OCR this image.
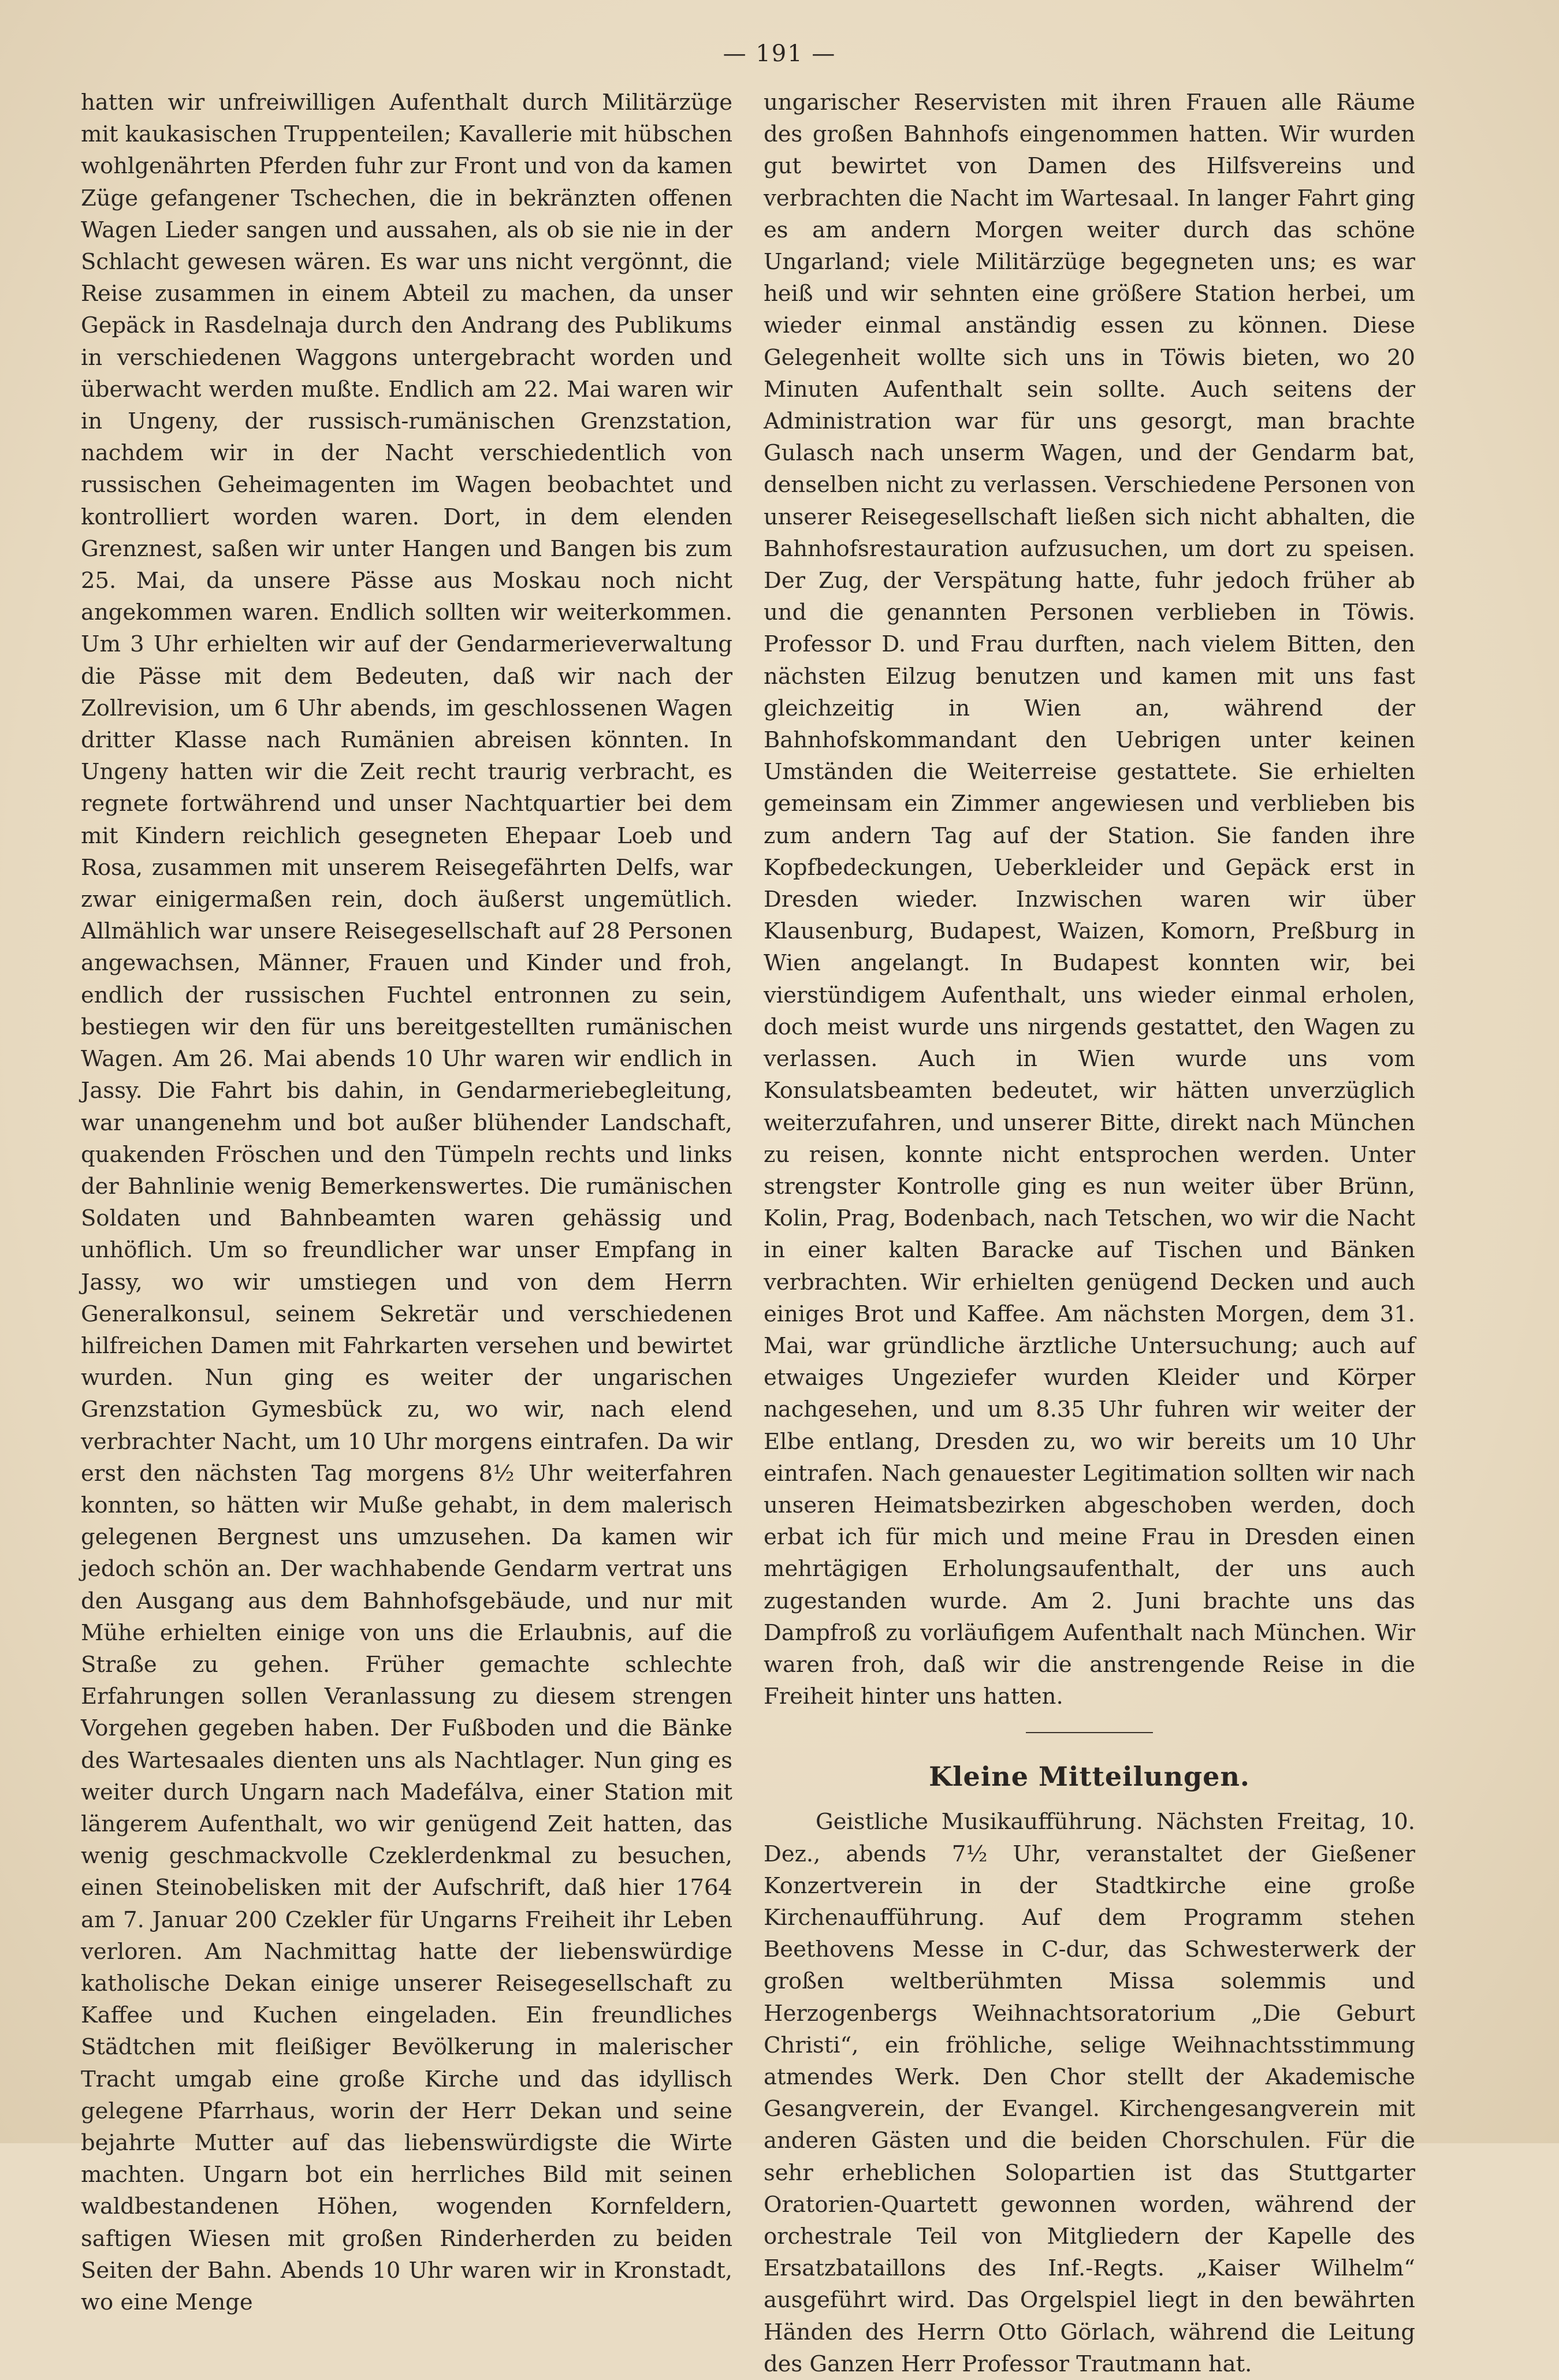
— 191 —

hatten wir unfreiwilligen Aufenthalt durch Militärzüge mit kaukasischen Truppenteilen; Kavallerie mit hübschen wohlgenährten Pferden fuhr zur Front und von da kamen Züge gefangener Tschechen, die in bekränzten offenen Wagen Lieder sangen und aussahen, als ob sie nie in der Schlacht gewesen wären. Es war uns nicht vergönnt, die Reise zusammen in einem Abteil zu machen, da unser Gepäck in Rasdelnaja durch den Andrang des Publikums in verschiedenen Waggons untergebracht worden und überwacht werden mußte. Endlich am 22. Mai waren wir in Ungeny, der russisch-rumänischen Grenzstation, nachdem wir in der Nacht verschiedentlich von russischen Geheimagenten im Wagen beobachtet und kontrolliert worden waren. Dort, in dem elenden Grenznest, saßen wir unter Hangen und Bangen bis zum 25. Mai, da unsere Pässe aus Moskau noch nicht angekommen waren. Endlich sollten wir weiterkommen. Um 3 Uhr erhielten wir auf der Gendarmerieverwaltung die Pässe mit dem Bedeuten, daß wir nach der Zollrevision, um 6 Uhr abends, im geschlossenen Wagen dritter Klasse nach Rumänien abreisen könnten. In Ungeny hatten wir die Zeit recht traurig verbracht, es regnete fortwährend und unser Nachtquartier bei dem mit Kindern reichlich gesegneten Ehepaar Loeb und Rosa, zusammen mit unserem Reisegefährten Delfs, war zwar einigermaßen rein, doch äußerst ungemütlich. Allmählich war unsere Reisegesellschaft auf 28 Personen angewachsen, Männer, Frauen und Kinder und froh, endlich der russischen Fuchtel entronnen zu sein, bestiegen wir den für uns bereitgestellten rumänischen Wagen. Am 26. Mai abends 10 Uhr waren wir endlich in Jassy. Die Fahrt bis dahin, in Gendarmeriebegleitung, war unangenehm und bot außer blühender Landschaft, quakenden Fröschen und den Tümpeln rechts und links der Bahnlinie wenig Bemerkenswertes. Die rumänischen Soldaten und Bahnbeamten waren gehässig und unhöflich. Um so freundlicher war unser Empfang in Jassy, wo wir umstiegen und von dem Herrn Generalkonsul, seinem Sekretär und verschiedenen hilfreichen Damen mit Fahrkarten versehen und bewirtet wurden. Nun ging es weiter der ungarischen Grenzstation Gymesbück zu, wo wir, nach elend verbrachter Nacht, um 10 Uhr morgens eintrafen. Da wir erst den nächsten Tag morgens 8½ Uhr weiterfahren konnten, so hätten wir Muße gehabt, in dem malerisch gelegenen Bergnest uns umzusehen. Da kamen wir jedoch schön an. Der wachhabende Gendarm vertrat uns den Ausgang aus dem Bahnhofsgebäude, und nur mit Mühe erhielten einige von uns die Erlaubnis, auf die Straße zu gehen. Früher gemachte schlechte Erfahrungen sollen Veranlassung zu diesem strengen Vorgehen gegeben haben. Der Fußboden und die Bänke des Wartesaales dienten uns als Nachtlager. Nun ging es weiter durch Ungarn nach Madefálva, einer Station mit längerem Aufenthalt, wo wir genügend Zeit hatten, das wenig geschmackvolle Czeklerdenkmal zu besuchen, einen Steinobelisken mit der Aufschrift, daß hier 1764 am 7. Januar 200 Czekler für Ungarns Freiheit ihr Leben verloren. Am Nachmittag hatte der liebenswürdige katholische Dekan einige unserer Reisegesellschaft zu Kaffee und Kuchen eingeladen. Ein freundliches Städtchen mit fleißiger Bevölkerung in malerischer Tracht umgab eine große Kirche und das idyllisch gelegene Pfarrhaus, worin der Herr Dekan und seine bejahrte Mutter auf das liebenswürdigste die Wirte machten. Ungarn bot ein herrliches Bild mit seinen waldbestandenen Höhen, wogenden Kornfeldern, saftigen Wiesen mit großen Rinderherden zu beiden Seiten der Bahn. Abends 10 Uhr waren wir in Kronstadt, wo eine Menge

ungarischer Reservisten mit ihren Frauen alle Räume des großen Bahnhofs eingenommen hatten. Wir wurden gut bewirtet von Damen des Hilfsvereins und verbrachten die Nacht im Wartesaal. In langer Fahrt ging es am andern Morgen weiter durch das schöne Ungarland; viele Militärzüge begegneten uns; es war heiß und wir sehnten eine größere Station herbei, um wieder einmal anständig essen zu können. Diese Gelegenheit wollte sich uns in Töwis bieten, wo 20 Minuten Aufenthalt sein sollte. Auch seitens der Administration war für uns gesorgt, man brachte Gulasch nach unserm Wagen, und der Gendarm bat, denselben nicht zu verlassen. Verschiedene Personen von unserer Reisegesellschaft ließen sich nicht abhalten, die Bahnhofsrestauration aufzusuchen, um dort zu speisen. Der Zug, der Verspätung hatte, fuhr jedoch früher ab und die genannten Personen verblieben in Töwis. Professor D. und Frau durften, nach vielem Bitten, den nächsten Eilzug benutzen und kamen mit uns fast gleichzeitig in Wien an, während der Bahnhofskommandant den Uebrigen unter keinen Umständen die Weiterreise gestattete. Sie erhielten gemeinsam ein Zimmer angewiesen und verblieben bis zum andern Tag auf der Station. Sie fanden ihre Kopfbedeckungen, Ueberkleider und Gepäck erst in Dresden wieder. Inzwischen waren wir über Klausenburg, Budapest, Waizen, Komorn, Preßburg in Wien angelangt. In Budapest konnten wir, bei vierstündigem Aufenthalt, uns wieder einmal erholen, doch meist wurde uns nirgends gestattet, den Wagen zu verlassen. Auch in Wien wurde uns vom Konsulatsbeamten bedeutet, wir hätten unverzüglich weiterzufahren, und unserer Bitte, direkt nach München zu reisen, konnte nicht entsprochen werden. Unter strengster Kontrolle ging es nun weiter über Brünn, Kolin, Prag, Bodenbach, nach Tetschen, wo wir die Nacht in einer kalten Baracke auf Tischen und Bänken verbrachten. Wir erhielten genügend Decken und auch einiges Brot und Kaffee. Am nächsten Morgen, dem 31. Mai, war gründliche ärztliche Untersuchung; auch auf etwaiges Ungeziefer wurden Kleider und Körper nachgesehen, und um 8.35 Uhr fuhren wir weiter der Elbe entlang, Dresden zu, wo wir bereits um 10 Uhr eintrafen. Nach genauester Legitimation sollten wir nach unseren Heimatsbezirken abgeschoben werden, doch erbat ich für mich und meine Frau in Dresden einen mehrtägigen Erholungsaufenthalt, der uns auch zugestanden wurde. Am 2. Juni brachte uns das Dampfroß zu vorläufigem Aufenthalt nach München. Wir waren froh, daß wir die anstrengende Reise in die Freiheit hinter uns hatten.

Kleine Mitteilungen.

Geistliche Musikaufführung. Nächsten Freitag, 10. Dez., abends 7½ Uhr, veranstaltet der Gießener Konzertverein in der Stadtkirche eine große Kirchenaufführung. Auf dem Programm stehen Beethovens Messe in C-dur, das Schwesterwerk der großen weltberühmten Missa solemmis und Herzogenbergs Weihnachtsoratorium „Die Geburt Christi“, ein fröhliche, selige Weihnachtsstimmung atmendes Werk. Den Chor stellt der Akademische Gesangverein, der Evangel. Kirchengesangverein mit anderen Gästen und die beiden Chorschulen. Für die sehr erheblichen Solopartien ist das Stuttgarter Oratorien-Quartett gewonnen worden, während der orchestrale Teil von Mitgliedern der Kapelle des Ersatzbataillons des Inf.-Regts. „Kaiser Wilhelm“ ausgeführt wird. Das Orgelspiel liegt in den bewährten Händen des Herrn Otto Görlach, während die Leitung des Ganzen Herr Professor Trautmann hat.
